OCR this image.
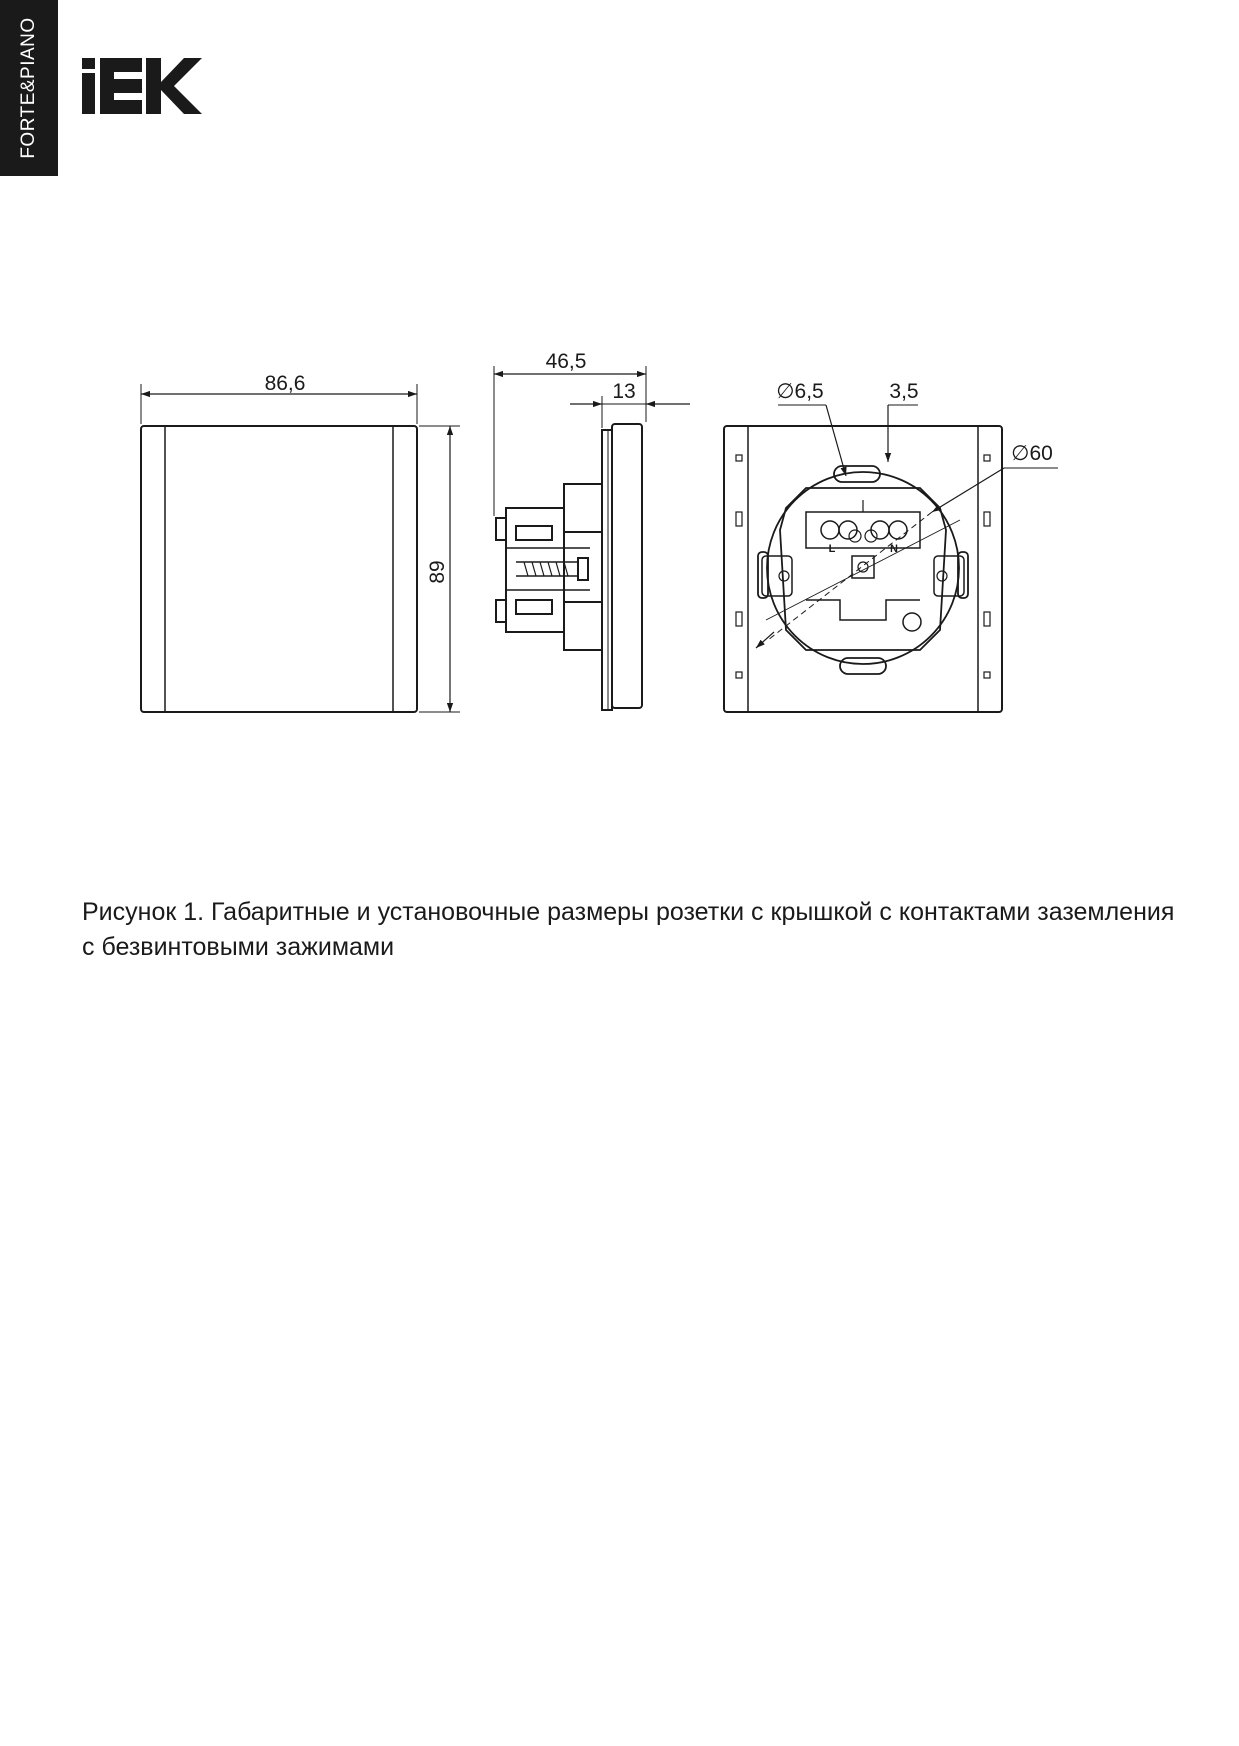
FORTE&PIANO
86,6
89
46,5
13	∅6,5	3,5
∅60
L	N
Рисунок 1. Габаритные и установочные размеры розетки с крышкой с контактами заземления
с безвинтовыми зажимами
